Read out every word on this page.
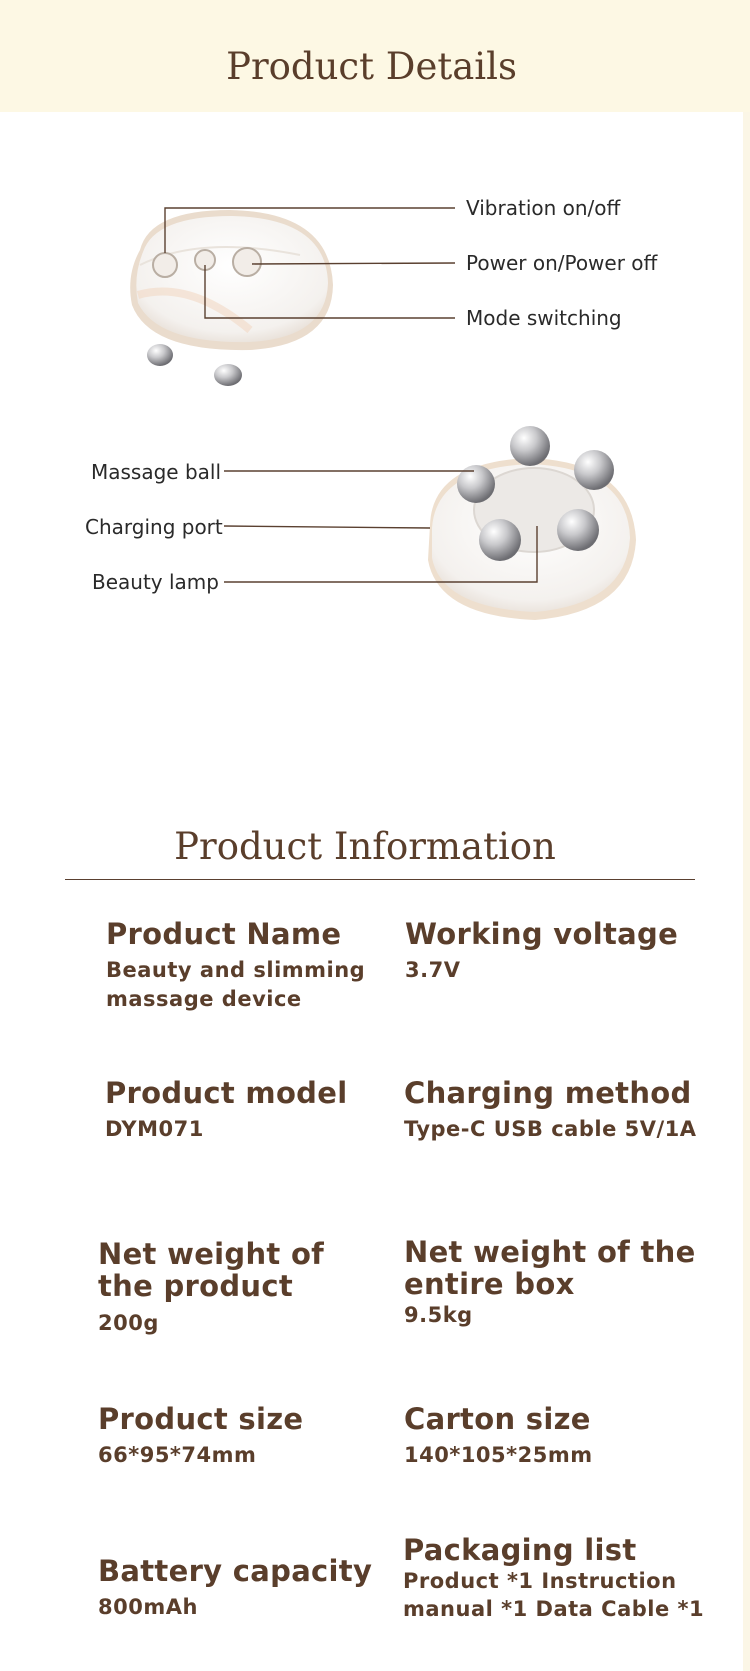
Product Details
Vibration on/off
Power on/Power off
Mode switching
Massage ball
Charging port
Beauty lamp
Product Information
Product Name
Beauty and slimming massage device
Working voltage
3.7V
Product model
DYM071
Charging method
Type-C USB cable 5V/1A
Net weight of the product
200g
Net weight of the entire box
9.5kg
Product size
66*95*74mm
Carton size
140*105*25mm
Battery capacity
800mAh
Packaging list
Product *1 Instruction manual *1 Data Cable *1
